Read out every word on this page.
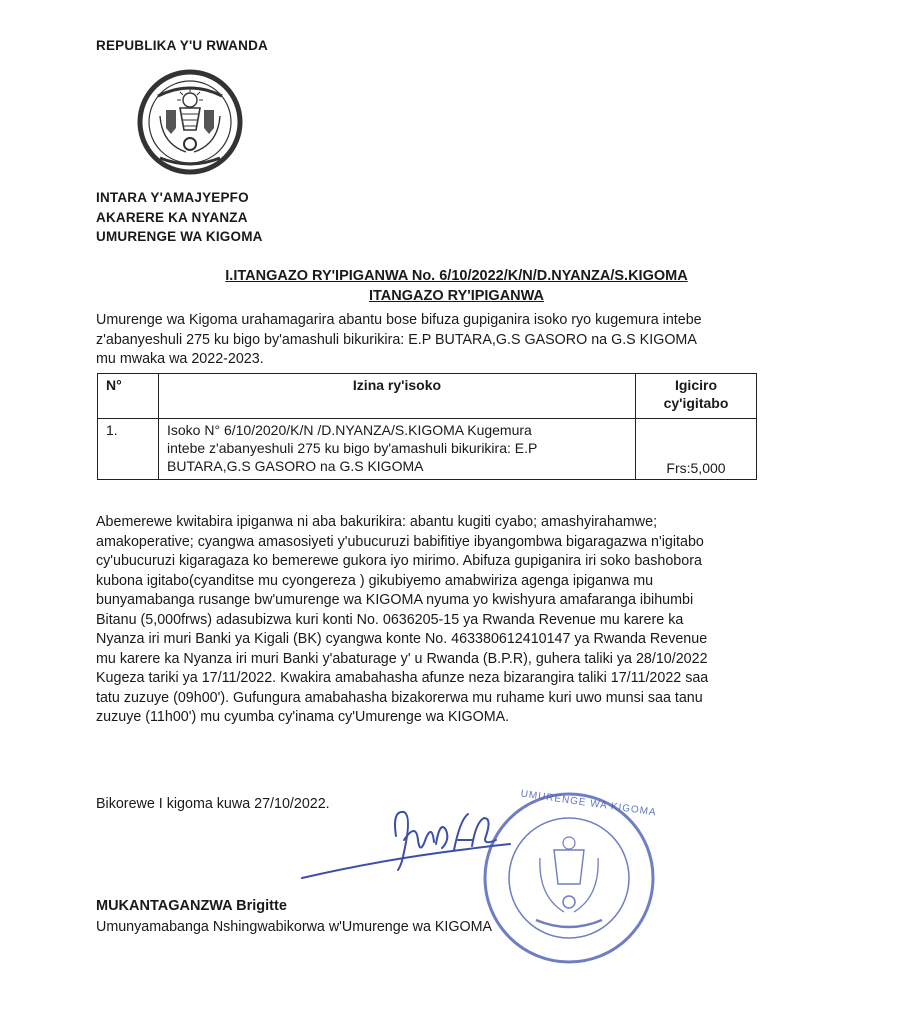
REPUBLIKA Y'U RWANDA
INTARA Y'AMAJYEPFO
AKARERE KA NYANZA
UMURENGE WA KIGOMA
I.ITANGAZO RY'IPIGANWA No. 6/10/2022/K/N/D.NYANZA/S.KIGOMA
ITANGAZO RY'IPIGANWA
Umurenge wa Kigoma urahamagarira abantu bose bifuza gupiganira isoko ryo kugemura intebe
z'abanyeshuli 275 ku bigo by'amashuli bikurikira: E.P BUTARA,G.S GASORO na G.S KIGOMA
mu mwaka wa 2022-2023.
N°	Izina ry'isoko	Igiciro
cy'igitabo

1.	Isoko N° 6/10/2020/K/N /D.NYANZA/S.KIGOMA Kugemura
intebe z'abanyeshuli 275 ku bigo by'amashuli bikurikira: E.P
BUTARA,G.S GASORO na G.S KIGOMA	Frs:5,000
Abemerewe kwitabira ipiganwa ni aba bakurikira: abantu kugiti cyabo; amashyirahamwe;
amakoperative; cyangwa amasosiyeti y'ubucuruzi babifitiye ibyangombwa bigaragazwa n'igitabo
cy'ubucuruzi kigaragaza ko bemerewe gukora iyo mirimo. Abifuza gupiganira iri soko bashobora
kubona igitabo(cyanditse mu cyongereza ) gikubiyemo amabwiriza agenga ipiganwa mu
bunyamabanga rusange bw'umurenge wa KIGOMA nyuma yo kwishyura amafaranga ibihumbi
Bitanu (5,000frws) adasubizwa kuri konti No. 0636205-15 ya Rwanda Revenue mu karere ka
Nyanza iri muri Banki ya Kigali (BK) cyangwa konte No. 463380612410147 ya Rwanda Revenue
mu karere ka Nyanza iri muri Banki y'abaturage y' u Rwanda (B.P.R), guhera taliki ya 28/10/2022
Kugeza tariki ya 17/11/2022. Kwakira amabahasha afunze neza bizarangira taliki 17/11/2022 saa
tatu zuzuye (09h00'). Gufungura amabahasha bizakorerwa mu ruhame kuri uwo munsi saa tanu
zuzuye (11h00') mu cyumba cy'inama cy'Umurenge wa KIGOMA.
Bikorewe I kigoma kuwa 27/10/2022.	UMURENGE WA KIGOMA
MUKANTAGANZWA Brigitte
Umunyamabanga Nshingwabikorwa w'Umurenge wa KIGOMA
